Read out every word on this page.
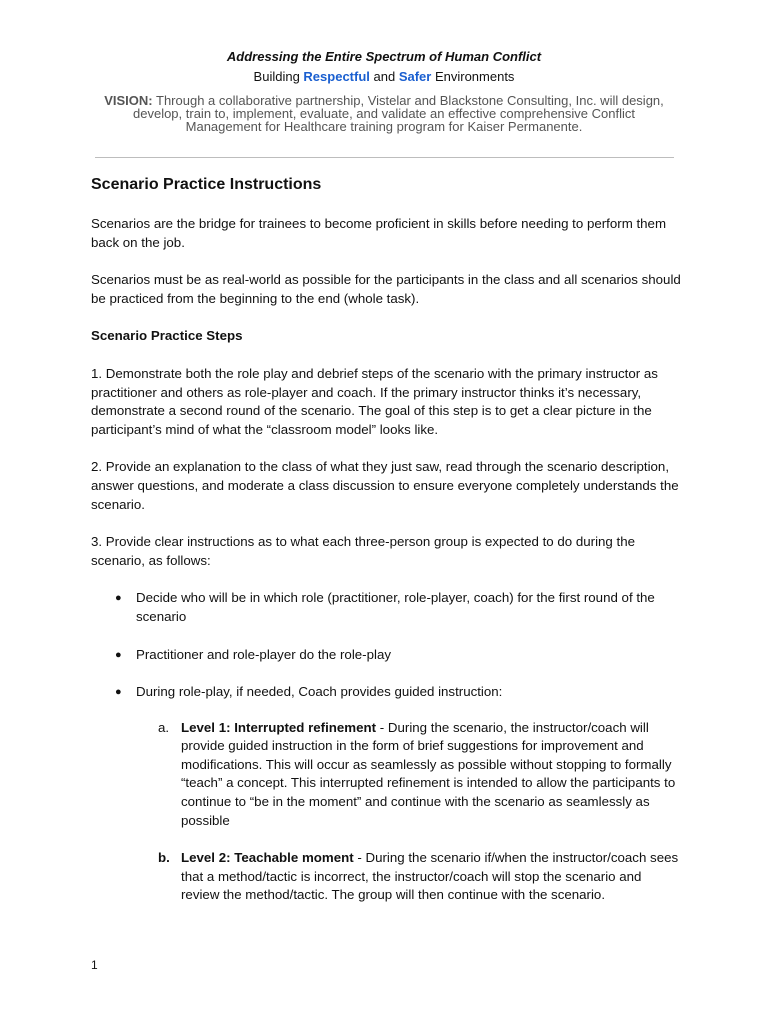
Addressing the Entire Spectrum of Human Conflict
Building Respectful and Safer Environments
VISION: Through a collaborative partnership, Vistelar and Blackstone Consulting, Inc. will design, develop, train to, implement, evaluate, and validate an effective comprehensive Conflict Management for Healthcare training program for Kaiser Permanente.
Scenario Practice Instructions

Scenarios are the bridge for trainees to become proficient in skills before needing to perform them back on the job.

Scenarios must be as real-world as possible for the participants in the class and all scenarios should be practiced from the beginning to the end (whole task).

Scenario Practice Steps

1. Demonstrate both the role play and debrief steps of the scenario with the primary instructor as practitioner and others as role-player and coach. If the primary instructor thinks it’s necessary, demonstrate a second round of the scenario. The goal of this step is to get a clear picture in the participant’s mind of what the “classroom model” looks like.

2. Provide an explanation to the class of what they just saw, read through the scenario description, answer questions, and moderate a class discussion to ensure everyone completely understands the scenario.

3. Provide clear instructions as to what each three-person group is expected to do during the scenario, as follows:

● Decide who will be in which role (practitioner, role-player, coach) for the first round of the scenario
● Practitioner and role-player do the role-play
● During role-play, if needed, Coach provides guided instruction:
a. Level 1: Interrupted refinement - During the scenario, the instructor/coach will provide guided instruction in the form of brief suggestions for improvement and modifications. This will occur as seamlessly as possible without stopping to formally “teach” a concept. This interrupted refinement is intended to allow the participants to continue to “be in the moment” and continue with the scenario as seamlessly as possible
b. Level 2: Teachable moment - During the scenario if/when the instructor/coach sees that a method/tactic is incorrect, the instructor/coach will stop the scenario and review the method/tactic. The group will then continue with the scenario.
1
